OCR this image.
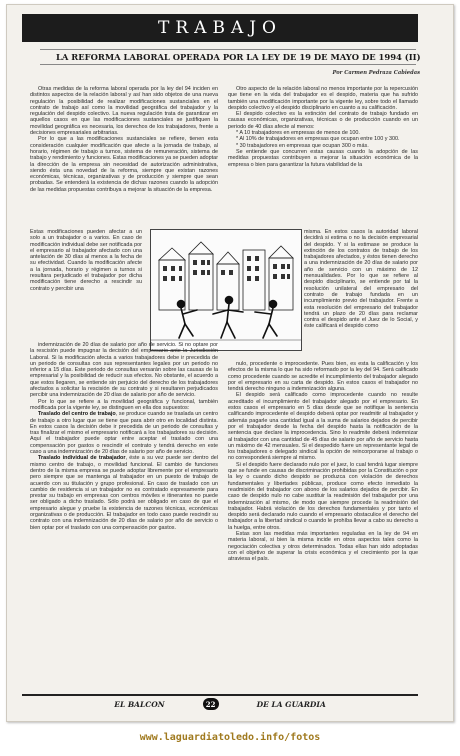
TRABAJO
LA REFORMA LABORAL OPERADA POR LA LEY DE 19 DE MAYO DE 1994 (II)
Por Carmen Pedraza Cabiedas

Otras medidas de la reforma laboral operada por la ley del 94 inciden en distintos aspectos de la relación laboral y así han sido objetos de una nueva regulación la posibilidad de realizar modificaciones sustanciales en el contrato de trabajo así como la movilidad geográfica del trabajador y la regulación del despido colectivo. La nueva regulación trata de garantizar en aquellos casos en que las modificaciones sustanciales se justifiquen la movilidad geográfica es necesaria, los derechos de los trabajadores, frente a decisiones empresariales arbitrarias.

Por lo que a las modificaciones sustanciales se refiere, tienen esta consideración cualquier modificación que afecte a la jornada de trabajo, al horario, régimen de trabajo a turnos, sistema de remuneración, sistema de trabajo y rendimiento y funciones. Estas modificaciones ya se pueden adoptar la dirección de la empresa sin necesidad de autorización administrativa, siendo ésta una novedad de la reforma, siempre que existan razones económicas, técnicas, organizativas y de producción y siempre que sean probadas. Se entenderá la existencia de dichas razones cuando la adopción de las medidas propuestas contribuya a mejorar la situación de la empresa.

Estas modificaciones pueden afectar a un solo a un trabajador o a varios. En caso de modificación individual debe ser notificada por el empresario al trabajador afectado con una antelación de 30 días al menos a la fecha de su efectividad. Cuando la modificación afecte a la jornada, horario y régimen a turnos si resultara perjudicado el trabajador por dicha modificación tiene derecho a rescindir su contrato y percibir una

misma. En estos casos la autoridad laboral decidirá si estima o no la decisión empresarial del despido. Y si la estimase se produce la extinción de los contratos de trabajo de los trabajadores afectados, y éstos tienen derecho a una indemnización de 20 días de salario por año de servicio con un máximo de 12 mensualidades. Por lo que se refiere al despido disciplinario, se entiende por tal la resolución unilateral del empresario del contrato de trabajo fundada en un incumplimiento previo del trabajador. Frente a esta resolución del empresario del trabajador tendrá un plazo de 20 días para reclamar contra el despido ante el Juez de lo Social, y éste calificará el despido como

indemnización de 20 días de salario por año de servicio. Si no optare por la rescisión puede impugnar la decisión del empresario ante la Jurisdicción Laboral. Si la modificación afecta a varios trabajadores debe ir precedida de un periodo de consultas con sus representantes legales por un periodo no inferior a 15 días. Este periodo de consultas versarán sobre las causas de la empresarial y la posibilidad de reducir sus efectos. No obstante, el acuerdo a que estos llegaren, se entiende sin perjuicio del derecho de los trabajadores afectados a solicitar la rescisión de su contrato y si resultaren perjudicados percibir una indemnización de 20 días de salario por año de servicio.

Por lo que se refiere a la movilidad geográfica y funcional, también modificada por la vigente ley, se distinguen en ella dos supuestos:

Traslado del centro de trabajo, se produce cuando se traslada un centro de trabajo a otro lugar que se tiene que para abrir otro en localidad distinta. En estos casos la decisión debe ir precedida de un periodo de consultas y tras finalizar el mismo el empresario notificará a los trabajadores su decisión. Aquí el trabajador puede optar entre aceptar el traslado con una compensación por gastos o rescindir el contrato y tendrá derecho en este caso a una indemnización de 20 días de salario por año de servicio.

Traslado individual de trabajador, éste a su vez puede ser dentro del mismo centro de trabajo, o movilidad funcional. El cambio de funciones dentro de la misma empresa se puede adoptar libremente por el empresario pero siempre que se mantenga al trabajador en un puesto de trabajo de acuerdo con su titulación y grupo profesional. En caso de traslado con un cambio de residencia si un trabajador no es contratado expresamente para prestar su trabajo en empresas con centros móviles e itinerantes no puede ser obligado a dicho traslado. Sólo podrá ser obligado en caso de que el empresario alegue y pruebe la existencia de razones técnicas, económicas organizativas o de producción. El trabajador en todo caso puede rescindir su contrato con una indemnización de 20 días de salario por año de servicio o bien optar por el traslado con una compensación por gastos.

Otro aspecto de la relación laboral no menos importante por la repercusión que tiene en la vida del trabajador es el despido, materia que ha sufrido también una modificación importante por la vigente ley, sobre todo el llamado despido colectivo y el despido disciplinario en cuanto a su calificación.

El despido colectivo es la extinción del contrato de trabajo fundado en causas económicas, organizativas, técnicas o de producción cuando en un periodo de 40 días afecte al menos:

* A 10 trabajadores en empresas de menos de 100.

* Al 10% de trabajadores en empresas que ocupan entre 100 y 300.

* 30 trabajadores en empresas que ocupan 300 o más.

Se entiende que concurren estas causas cuando la adopción de las medidas propuestas contribuyen a mejorar la situación económica de la empresa o bien para garantizar la futura viabilidad de la

nulo, procedente o improcedente. Pues bien, es esta la calificación y los efectos de la misma lo que ha sido reformado por la ley del 94. Será calificado como procedente cuando se acredite el incumplimiento del trabajador alegado por el empresario en su carta de despido. En estos casos el trabajador no tendrá derecho ninguno a indemnización alguna.

El despido será calificado como improcedente cuando no resulte acreditado el incumplimiento del trabajador alegado por el empresario. En estos casos el empresario en 5 días desde que se notifique la sentencia calificando improcedente el despido deberá optar por readmitir al trabajador y además pagarle una cantidad igual a la suma de salarios dejados de percibir por el trabajador desde la fecha del despido hasta la notificación de la sentencia que declare la improcedencia. Sino lo readmite deberá indemnizar al trabajador con una cantidad de 45 días de salario por año de servicio hasta un máximo de 42 mensuales. Si el despedido fuere un representante legal de los trabajadores o delegado sindical la opción de reincorporarse al trabajo o no corresponderá siempre al mismo.

Si el despido fuere declarado nulo por el juez, lo cual tendrá lugar siempre que se funde en causas de discriminación prohibidas por la Constitución o por la ley o cuando dicho despido se produzca con violación de derechos fundamentales y libertades públicas, produce como efecto inmediato la readmisión del trabajador con abono de los salarios dejados de percibir. En caso de despido nulo no cabe sustituir la readmisión del trabajador por una indemnización al mismo, de modo que siempre procede la readmisión del trabajador. Habrá violación de los derechos fundamentales y por tanto el despido será declarado nulo cuando el empresario obstaculice el derecho del trabajador a la libertad sindical o cuando le prohíba llevar a cabo su derecho a la huelga, entre otros.

Estas son las medidas más importantes reguladas en la ley de 94 en materia laboral, si bien la misma incide en otros aspectos tales como la negociación colectiva y otros determinados. Todas ellas han sido adoptadas con el objetivo de superar la crisis económica y el crecimiento por la que atraviesa el país.

EL BALCON	22	DE LA GUARDIA
www.laguardiatoledo.info/fotos
